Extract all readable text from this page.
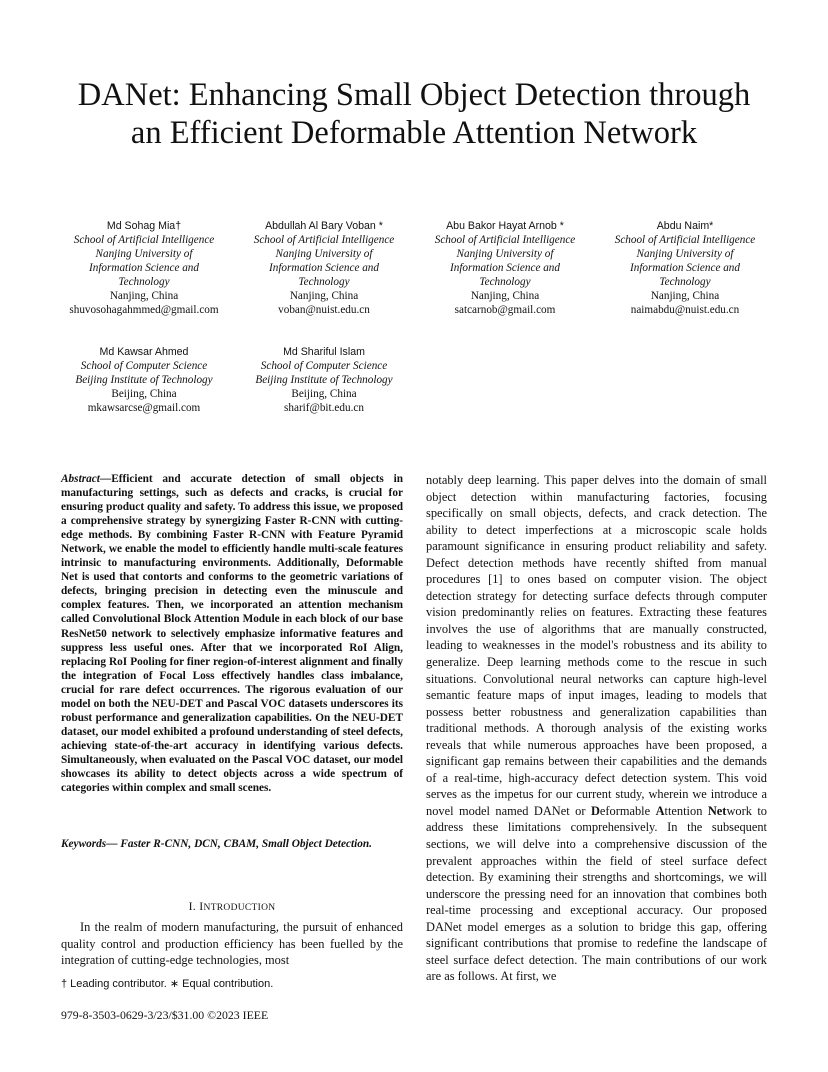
DANet: Enhancing Small Object Detection through
an Efficient Deformable Attention Network
Md Sohag Mia†
School of Artificial Intelligence
Nanjing University of
Information Science and
Technology
Nanjing, China
shuvosohagahmmed@gmail.com
Abdullah Al Bary Voban *
School of Artificial Intelligence
Nanjing University of
Information Science and
Technology
Nanjing, China
voban@nuist.edu.cn
Abu Bakor Hayat Arnob *
School of Artificial Intelligence
Nanjing University of
Information Science and
Technology
Nanjing, China
satcarnob@gmail.com
Abdu Naim*
School of Artificial Intelligence
Nanjing University of
Information Science and
Technology
Nanjing, China
naimabdu@nuist.edu.cn
Md Kawsar Ahmed
School of Computer Science
Beijing Institute of Technology
Beijing, China
mkawsarcse@gmail.com
Md Shariful Islam
School of Computer Science
Beijing Institute of Technology
Beijing, China
sharif@bit.edu.cn

Abstract—Efficient and accurate detection of small objects in manufacturing settings, such as defects and cracks, is crucial for ensuring product quality and safety. To address this issue, we proposed a comprehensive strategy by synergizing Faster R-CNN with cutting-edge methods. By combining Faster R-CNN with Feature Pyramid Network, we enable the model to efficiently handle multi-scale features intrinsic to manufacturing environments. Additionally, Deformable Net is used that contorts and conforms to the geometric variations of defects, bringing precision in detecting even the minuscule and complex features. Then, we incorporated an attention mechanism called Convolutional Block Attention Module in each block of our base ResNet50 network to selectively emphasize informative features and suppress less useful ones. After that we incorporated RoI Align, replacing RoI Pooling for finer region-of-interest alignment and finally the integration of Focal Loss effectively handles class imbalance, crucial for rare defect occurrences. The rigorous evaluation of our model on both the NEU-DET and Pascal VOC datasets underscores its robust performance and generalization capabilities. On the NEU-DET dataset, our model exhibited a profound understanding of steel defects, achieving state-of-the-art accuracy in identifying various defects. Simultaneously, when evaluated on the Pascal VOC dataset, our model showcases its ability to detect objects across a wide spectrum of categories within complex and small scenes.

Keywords— Faster R-CNN, DCN, CBAM, Small Object Detection.

I. INTRODUCTION

In the realm of modern manufacturing, the pursuit of enhanced quality control and production efficiency has been fuelled by the integration of cutting-edge technologies, most

† Leading contributor. ∗ Equal contribution.
979-8-3503-0629-3/23/$31.00 ©2023 IEEE

notably deep learning. This paper delves into the domain of small object detection within manufacturing factories, focusing specifically on small objects, defects, and crack detection. The ability to detect imperfections at a microscopic scale holds paramount significance in ensuring product reliability and safety. Defect detection methods have recently shifted from manual procedures [1] to ones based on computer vision. The object detection strategy for detecting surface defects through computer vision predominantly relies on features. Extracting these features involves the use of algorithms that are manually constructed, leading to weaknesses in the model's robustness and its ability to generalize. Deep learning methods come to the rescue in such situations. Convolutional neural networks can capture high-level semantic feature maps of input images, leading to models that possess better robustness and generalization capabilities than traditional methods. A thorough analysis of the existing works reveals that while numerous approaches have been proposed, a significant gap remains between their capabilities and the demands of a real-time, high-accuracy defect detection system. This void serves as the impetus for our current study, wherein we introduce a novel model named DANet or Deformable Attention Network to address these limitations comprehensively. In the subsequent sections, we will delve into a comprehensive discussion of the prevalent approaches within the field of steel surface defect detection. By examining their strengths and shortcomings, we will underscore the pressing need for an innovation that combines both real-time processing and exceptional accuracy. Our proposed DANet model emerges as a solution to bridge this gap, offering significant contributions that promise to redefine the landscape of steel surface defect detection. The main contributions of our work are as follows. At first, we
